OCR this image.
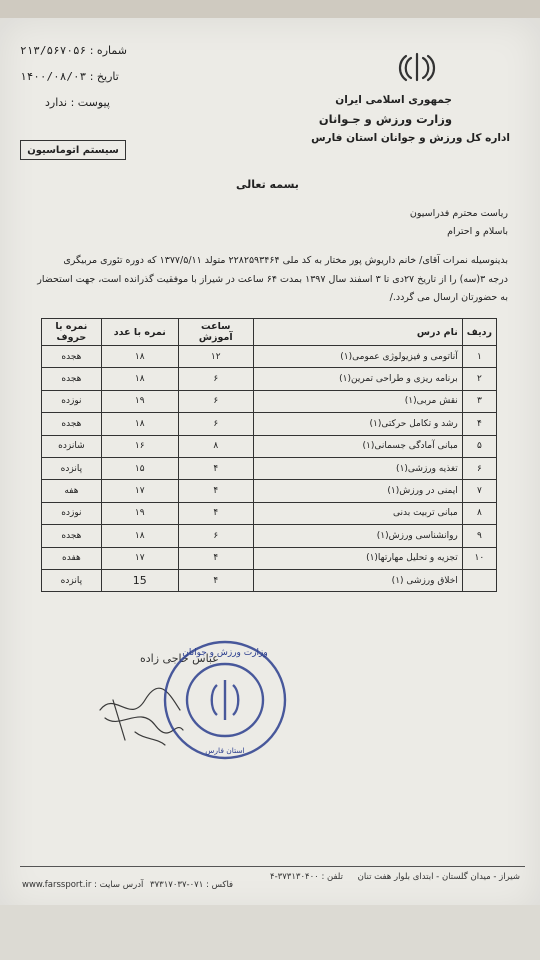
شماره : ۲۱۳/۵۶۷۰۵۶
تاریخ : ۱۴۰۰/۰۸/۰۳
پیوست : ندارد
سیستم اتوماسیون
جمهوری اسلامی ایران
وزارت ورزش و جـوانان
اداره کل ورزش و جوانان استان فارس
بسمه تعالی
ریاست محترم فدراسیون
باسلام و احترام
بدینوسیله نمرات آقای/ خانم داریوش پور مختار به کد ملی ۲۲۸۲۵۹۳۴۶۴ متولد ۱۳۷۷/۵/۱۱ که دوره تئوری مربیگری
درجه ۳(سه) را از تاریخ ۲۷دی تا ۳ اسفند سال ۱۳۹۷ بمدت ۶۴ ساعت در شیراز با موفقیت گذرانده است، جهت استحضار
به حضورتان ارسال می گردد./
ردیف	نام درس	ساعت آموزش	نمره با عدد	نمره با حروف
۱	آناتومی و فیزیولوژی عمومی(۱)	۱۲	۱۸	هجده
۲	برنامه ریزی و طراحی تمرین(۱)	۶	۱۸	هجده
۳	نقش مربی(۱)	۶	۱۹	نوزده
۴	رشد و تکامل حرکتی(۱)	۶	۱۸	هجده
۵	مبانی آمادگی جسمانی(۱)	۸	۱۶	شانزده
۶	تغذیه ورزشی(۱)	۴	۱۵	پانزده
۷	ایمنی در ورزش(۱)	۴	۱۷	هفه
۸	مبانی تربیت بدنی	۴	۱۹	نوزده
۹	روانشناسی ورزش(۱)	۶	۱۸	هجده
۱۰	تجزیه و تحلیل مهارتها(۱)	۴	۱۷	هفده
	اخلاق ورزشی (۱)	۴	15	پانزده
عباس حاجی زاده
وزارت ورزش و جوانان
استان فارس
شیراز - میدان گلستان - ابتدای بلوار هفت تنان
تلفن : ۳۷۳۱۳۰۴۰۰-۴
فاکس : ۰۷۱-۳۷۳۱۷۰۳۷
www.farssport.ir : آدرس سایت
